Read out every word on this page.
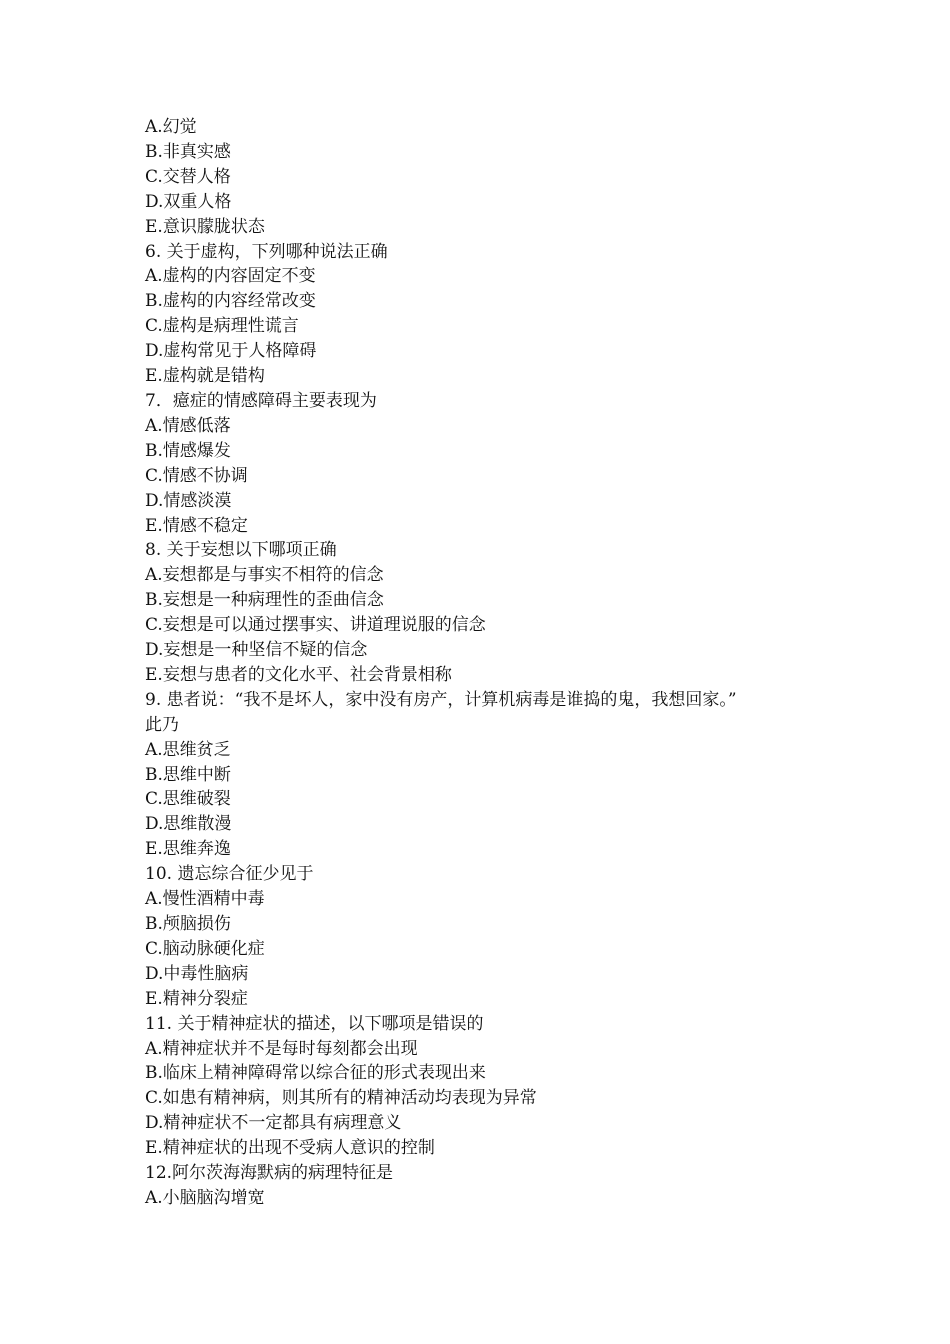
A.幻觉

B.非真实感

C.交替人格

D.双重人格

E.意识朦胧状态

6. 关于虚构，下列哪种说法正确

A.虚构的内容固定不变

B.虚构的内容经常改变

C.虚构是病理性谎言

D.虚构常见于人格障碍

E.虚构就是错构

7．癔症的情感障碍主要表现为

A.情感低落

B.情感爆发

C.情感不协调

D.情感淡漠

E.情感不稳定

8. 关于妄想以下哪项正确

A.妄想都是与事实不相符的信念

B.妄想是一种病理性的歪曲信念

C.妄想是可以通过摆事实、讲道理说服的信念

D.妄想是一种坚信不疑的信念

E.妄想与患者的文化水平、社会背景相称

9. 患者说：“我不是坏人，家中没有房产，计算机病毒是谁捣的鬼，我想回家。”

此乃

A.思维贫乏

B.思维中断

C.思维破裂

D.思维散漫

E.思维奔逸

10. 遗忘综合征少见于

A.慢性酒精中毒

B.颅脑损伤

C.脑动脉硬化症

D.中毒性脑病

E.精神分裂症

11. 关于精神症状的描述，以下哪项是错误的

A.精神症状并不是每时每刻都会出现

B.临床上精神障碍常以综合征的形式表现出来

C.如患有精神病，则其所有的精神活动均表现为异常

D.精神症状不一定都具有病理意义

E.精神症状的出现不受病人意识的控制

12.阿尔茨海海默病的病理特征是

A.小脑脑沟增宽
